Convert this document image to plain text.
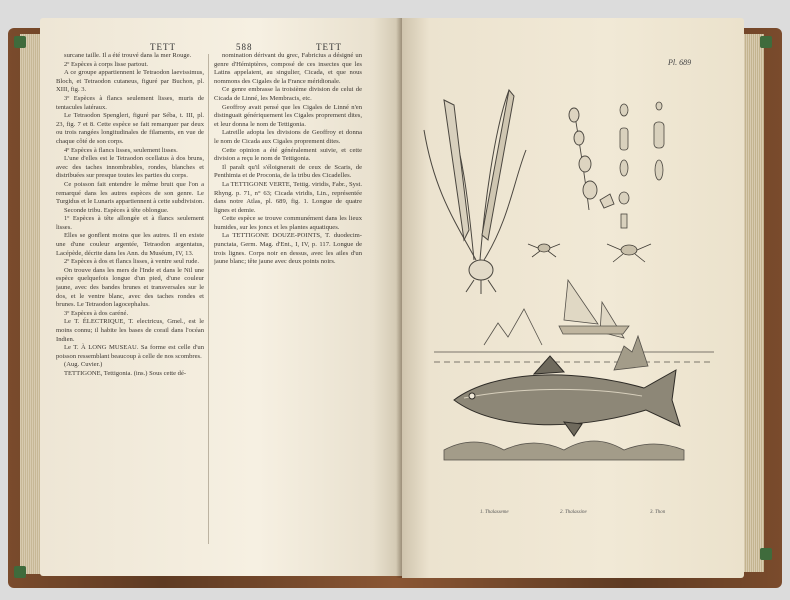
TETT	588	TETT

surcane taille. Il a été trouvé dans la mer Rouge.

2º Espèces à corps lisse partout.

A ce groupe appartiennent le Tetraodon laevissimus, Bloch, et Tetraodon cutaneus, figuré par Buchon, pl. XIII, fig. 3.

3º Espèces à flancs seulement lisses, muris de tentacules latéraux.

Le Tetraodon Spengleri, figuré par Séba, t. III, pl. 23, fig. 7 et 8. Cette espèce se fait remarquer par deux ou trois rangées longitudinales de filaments, en vue de chaque côté de son corps.

4º Espèces à flancs lisses, seulement lisses.

L'une d'elles est le Tetraodon ocellatus à dos bruns, avec des taches innombrables, rondes, blanches et distribuées sur presque toutes les parties du corps.

Ce poisson fait entendre le même bruit que l'on a remarqué dans les autres espèces de son genre. Le Turgidus et le Lunaris appartiennent à cette subdivision.

Seconde tribu. Espèces à tête oblongue.

1º Espèces à tête allongée et à flancs seulement lisses.

Elles se gonflent moins que les autres. Il en existe une d'une couleur argentée, Tetraodon argentatus, Lacépède, décrite dans les Ann. du Muséum, IV, 13.

2º Espèces à dos et flancs lisses, à ventre seul rude.

On trouve dans les mers de l'Inde et dans le Nil une espèce quelquefois longue d'un pied, d'une couleur jaune, avec des bandes brunes et transversales sur le dos, et le ventre blanc, avec des taches rondes et brunes. Le Tetraodon lagocephalus.

3º Espèces à dos caréné.

Le T. ÉLECTRIQUE, T. electricus, Gmel., est le moins connu; il habite les bases de corail dans l'océan Indien.

Le T. À LONG MUSEAU. Sa forme est celle d'un poisson ressemblant beaucoup à celle de nos scombres.

(Aug. Cuvier.)

TETTIGONE, Tettigonia. (ins.) Sous cette dé-

nomination dérivant du grec, Fabricius a désigné un genre d'Hémiptères, composé de ces insectes que les Latins appelaient, au singulier, Cicada, et que nous nommons des Cigales de la France méridionale.

Ce genre embrasse la troisième division de celui de Cicada de Linné, les Membracis, etc.

Geoffroy avait pensé que les Cigales de Linné n'en distinguait génériquement les Cigales proprement dites, et leur donna le nom de Tettigonia.

Latreille adopta les divisions de Geoffroy et donna le nom de Cicada aux Cigales proprement dites.

Cette opinion a été généralement suivie, et cette division a reçu le nom de Tettigonia.

Il paraît qu'il s'éloignerait de ceux de Scaris, de Penthimia et de Proconia, de la tribu des Cicadelles.

La TETTIGONE VERTE, Tettig. viridis, Fabr., Syst. Rhyng. p. 71, n° 63; Cicada viridis, Lin., représentée dans notre Atlas, pl. 689, fig. 1. Longue de quatre lignes et demie.

Cette espèce se trouve communément dans les lieux humides, sur les joncs et les plantes aquatiques.

La TETTIGONE DOUZE-POINTS, T. duodecim-punctata, Germ. Mag. d'Ent., I, IV, p. 117. Longue de trois lignes. Corps noir en dessus, avec les ailes d'un jaune blanc; tête jaune avec deux points noirs.

Pl. 689
1. Thalasseme	2. Thalassine	3. Thon
